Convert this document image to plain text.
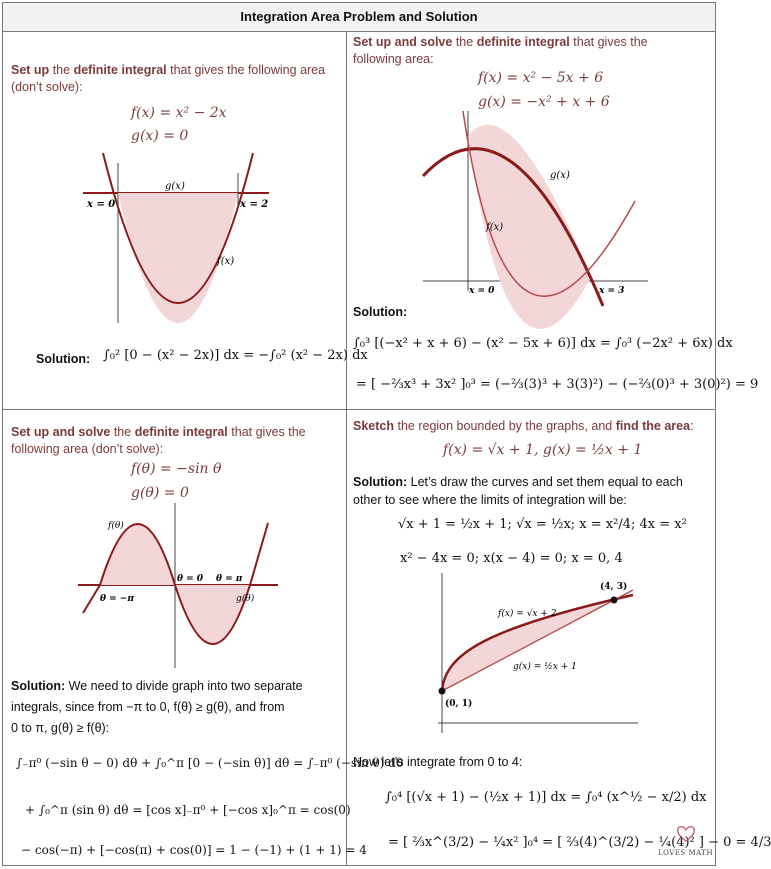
Integration Area Problem and Solution
Set up the definite integral that gives the following area (don’t solve):
f(x) = x² − 2x
g(x) = 0
g(x)
f(x)
x = 0	x = 2
Solution: ∫₀² [0 − (x² − 2x)] dx = −∫₀² (x² − 2x) dx
Set up and solve the definite integral that gives the following area:
f(x) = x² − 5x + 6
g(x) = −x² + x + 6
g(x)
f(x)
x = 0	x = 3
Solution:
∫₀³ [(−x² + x + 6) − (x² − 5x + 6)] dx = ∫₀³ (−2x² + 6x) dx
= [ −⅔x³ + 3x² ]₀³ = (−⅔(3)³ + 3(3)²) − (−⅔(0)³ + 3(0)²) = 9
Set up and solve the definite integral that gives the following area (don’t solve):
f(θ) = −sin θ
g(θ) = 0
f(θ)
g(θ)
θ = −π
θ = 0 θ = π
Solution: We need to divide graph into two separate
integrals, since from −π to 0, f(θ) ≥ g(θ), and from
0 to π, g(θ) ≥ f(θ):
∫₋π⁰ (−sin θ − 0) dθ + ∫₀^π [0 − (−sin θ)] dθ = ∫₋π⁰ (−sin θ) dθ
+ ∫₀^π (sin θ) dθ = [cos x]₋π⁰ + [−cos x]₀^π = cos(0)
− cos(−π) + [−cos(π) + cos(0)] = 1 − (−1) + (1 + 1) = 4
Sketch the region bounded by the graphs, and find the area:
f(x) = √x + 1, g(x) = ½x + 1
Solution: Let’s draw the curves and set them equal to each
other to see where the limits of integration will be:
√x + 1 = ½x + 1; √x = ½x; x = x²/4; 4x = x²
x² − 4x = 0; x(x − 4) = 0; x = 0, 4
f(x) = √x + 2
g(x) = ½x + 1
(4, 3)
(0, 1)
Now let’s integrate from 0 to 4:
∫₀⁴ [(√x + 1) − (½x + 1)] dx = ∫₀⁴ (x^½ − x/2) dx
= [ ⅔x^(3/2) − ¼x² ]₀⁴ = [ ⅔(4)^(3/2) − ¼(4)² ] − 0 = 4/3
LOVES MATH
